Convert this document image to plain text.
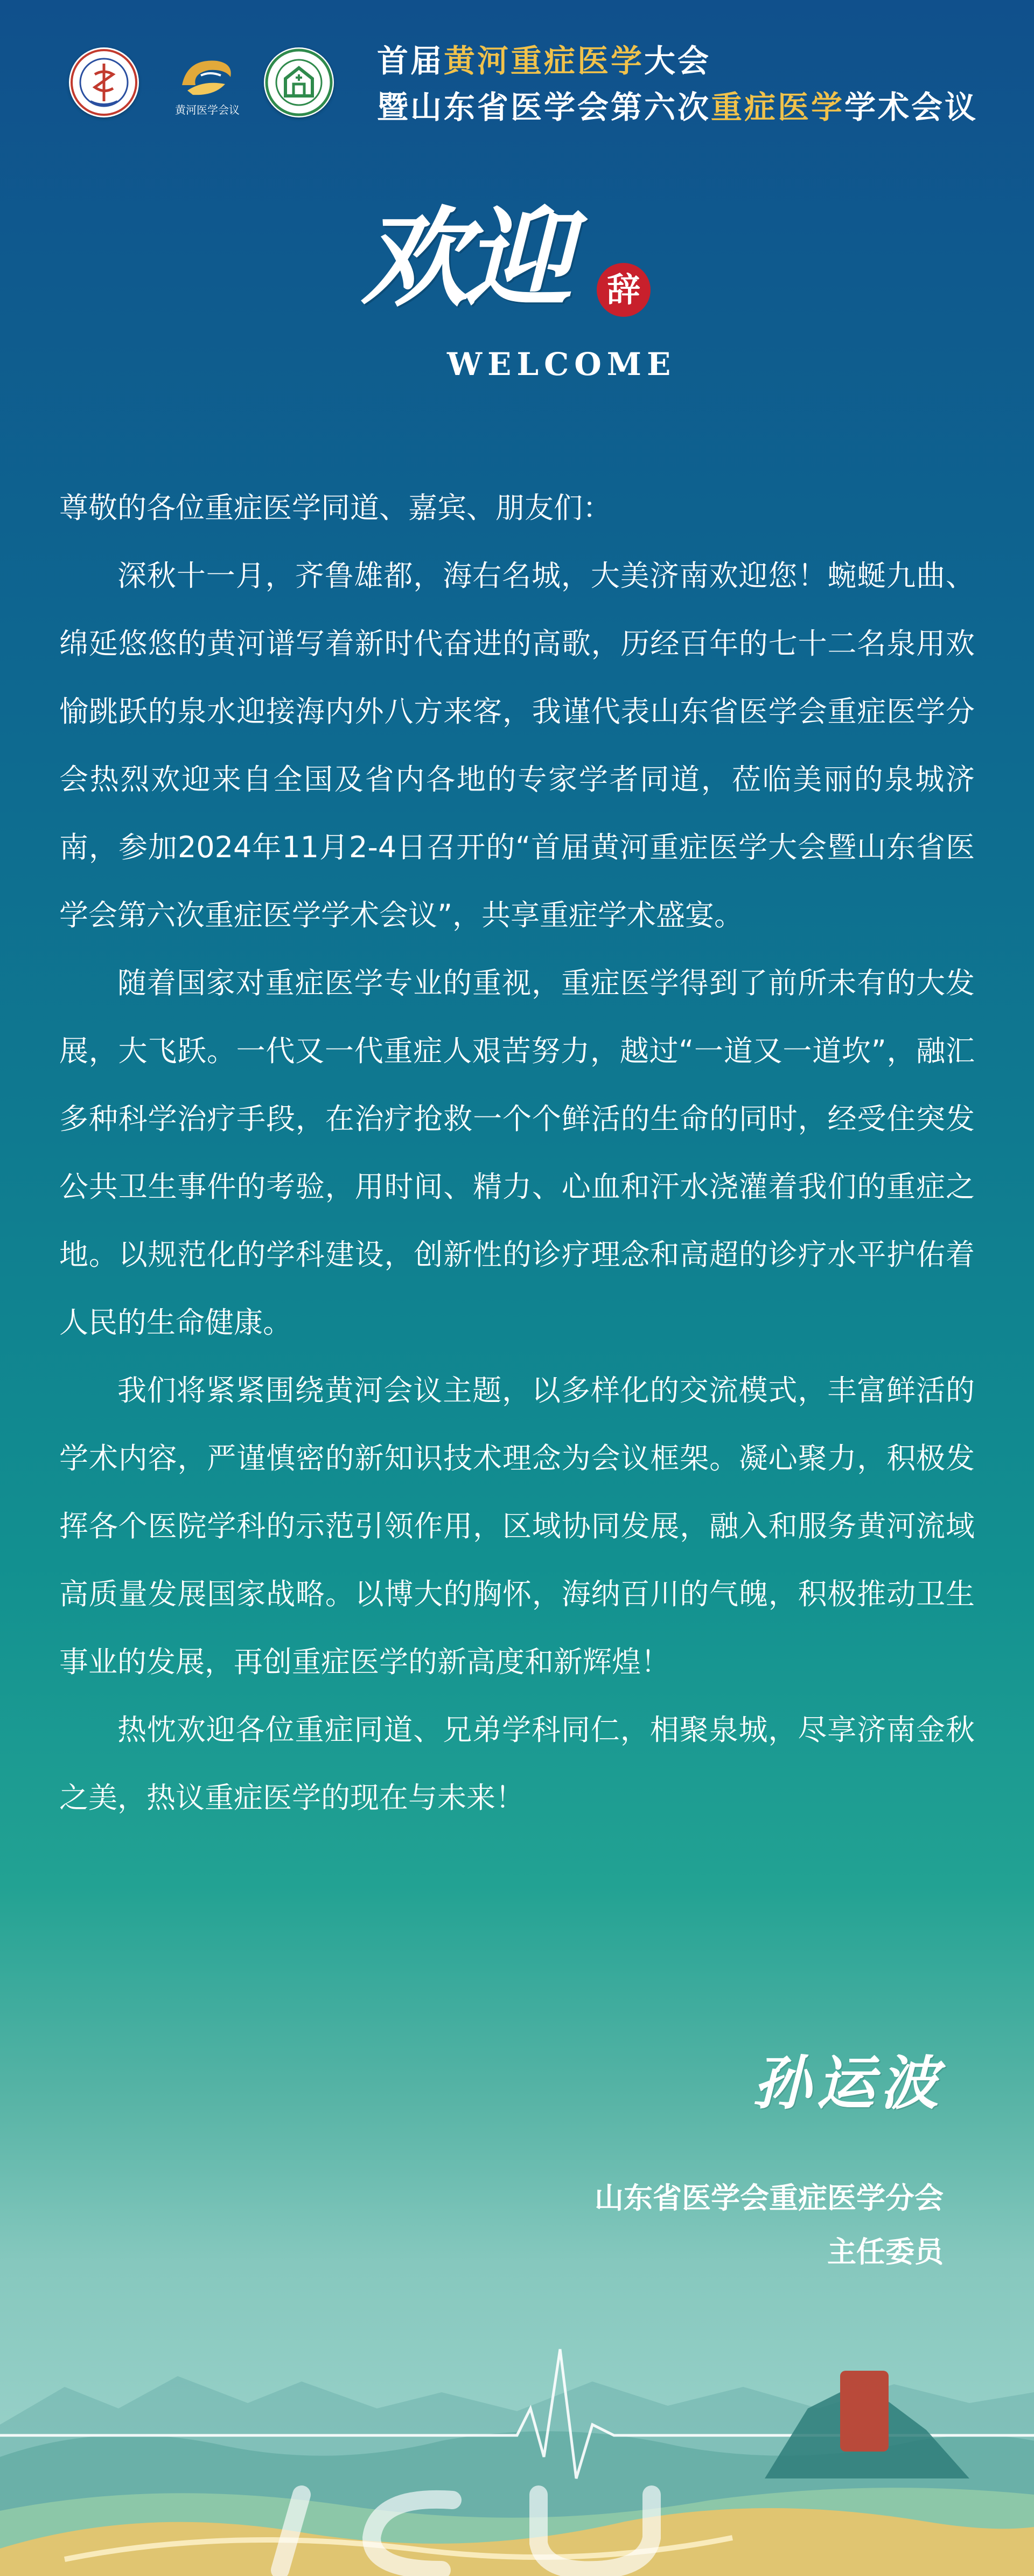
黄河医学会议
首届黄河重症医学大会
暨山东省医学会第六次重症医学学术会议
欢迎	辞
WELCOME

尊敬的各位重症医学同道、嘉宾、朋友们：

深秋十一月，齐鲁雄都，海右名城，大美济南欢迎您！蜿蜒九曲、绵延悠悠的黄河谱写着新时代奋进的高歌，历经百年的七十二名泉用欢愉跳跃的泉水迎接海内外八方来客，我谨代表山东省医学会重症医学分会热烈欢迎来自全国及省内各地的专家学者同道，莅临美丽的泉城济南，参加2024年11月2-4日召开的“首届黄河重症医学大会暨山东省医学会第六次重症医学学术会议”，共享重症学术盛宴。

随着国家对重症医学专业的重视，重症医学得到了前所未有的大发展，大飞跃。一代又一代重症人艰苦努力，越过“一道又一道坎”，融汇多种科学治疗手段，在治疗抢救一个个鲜活的生命的同时，经受住突发公共卫生事件的考验，用时间、精力、心血和汗水浇灌着我们的重症之地。以规范化的学科建设，创新性的诊疗理念和高超的诊疗水平护佑着人民的生命健康。

我们将紧紧围绕黄河会议主题，以多样化的交流模式，丰富鲜活的学术内容，严谨慎密的新知识技术理念为会议框架。凝心聚力，积极发挥各个医院学科的示范引领作用，区域协同发展，融入和服务黄河流域高质量发展国家战略。以博大的胸怀，海纳百川的气魄，积极推动卫生事业的发展，再创重症医学的新高度和新辉煌！

热忱欢迎各位重症同道、兄弟学科同仁，相聚泉城，尽享济南金秋之美，热议重症医学的现在与未来！

孙运波
山东省医学会重症医学分会
主任委员
